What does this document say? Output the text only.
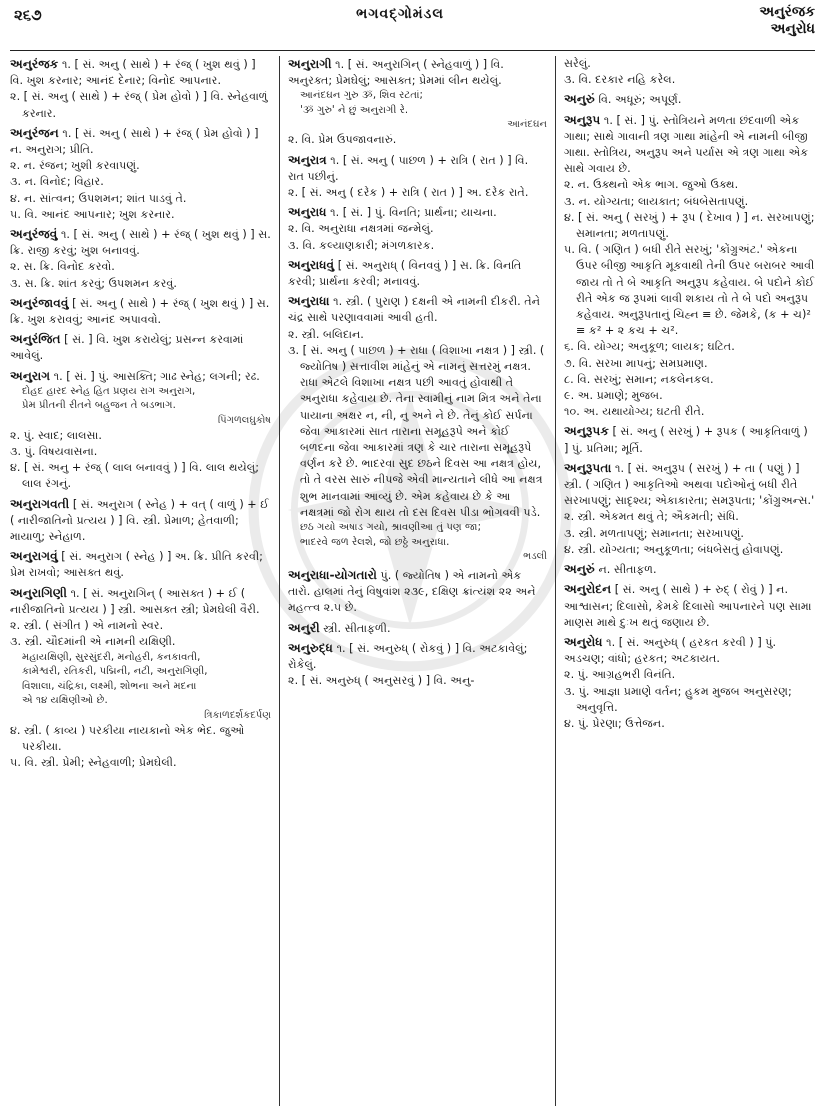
૨૬૭	ભગવદ્ગોમંડલ	અનુરંજક
અનુરોધ

અનુરંજક ૧. [ સં. અનુ ( સાથે ) + રંજ્ ( ખુશ થવું ) ] વિ. ખુશ કરનાર; આનંદ દેનાર; વિનોદ આપનાર.

૨. [ સં. અનુ ( સાથે ) + રંજ્ ( પ્રેમ હોવો ) ] વિ. સ્નેહવાળું કરનાર.

અનુરંજન ૧. [ સં. અનુ ( સાથે ) + રંજ્ ( પ્રેમ હોવો ) ] ન. અનુરાગ; પ્રીતિ.

૨. ન. રંજન; ખુશી કરવાપણું.

૩. ન. વિનોદ; વિહાર.

૪. ન. સાંત્વન; ઉપશમન; શાંત પાડવું તે.

૫. વિ. આનંદ આપનાર; ખુશ કરનાર.

અનુરંજવું ૧. [ સં. અનુ ( સાથે ) + રંજ્ ( ખુશ થવું ) ] સ. ક્રિ. રાજી કરવું; ખુશ બનાવવું.

૨. સ. ક્રિ. વિનોદ કરવો.

૩. સ. ક્રિ. શાંત કરવું; ઉપશમન કરવું.

અનુરંજાવવું [ સં. અનુ ( સાથે ) + રંજ્ ( ખુશ થવું ) ] સ. ક્રિ. ખુશ કરાવવું; આનંદ અપાવવો.

અનુરંજિત [ સં. ] વિ. ખુશ કરાયેલું; પ્રસન્ન કરવામાં આવેલું.

અનુરાગ ૧. [ સં. ] પું. આસક્તિ; ગાઢ સ્નેહ; લગની; રઢ.

દોહદ હારદ સ્નેહ હિત પ્રણય રાગ અનુરાગ,

પ્રેમ પ્રીતની રીતને બહુજન તે બડભાગ.

પિંગળલઘુકોષ

૨. પું. સ્વાદ; લાલસા.

૩. પું. વિષયવાસના.

૪. [ સં. અનુ + રંજ્ ( લાલ બનાવવું ) ] વિ. લાલ થયેલું; લાલ રંગનું.

અનુરાગવતી [ સં. અનુરાગ ( સ્નેહ ) + વત્ ( વાળું ) + ઈ ( નારીજાતિનો પ્રત્યય ) ] વિ. સ્ત્રી. પ્રેમાળ; હેતવાળી; માયાળુ; સ્નેહાળ.

અનુરાગવું [ સં. અનુરાગ ( સ્નેહ ) ] અ. ક્રિ. પ્રીતિ કરવી; પ્રેમ રાખવો; આસક્ત થવું.

અનુરાગિણી ૧. [ સં. અનુરાગિન્ ( આસક્ત ) + ઈ ( નારીજાતિનો પ્રત્યય ) ] સ્ત્રી. આસક્ત સ્ત્રી; પ્રેમઘેલી વૈરી.

૨. સ્ત્રી. ( સંગીત ) એ નામનો સ્વર.

૩. સ્ત્રી. ચૌદમાંની એ નામની યક્ષિણી.

મહાયક્ષિણી, સુરસુંદરી, મનોહરી, કનકાવતી,

કામેશ્વરી, રતિકરી, પદ્મિની, નટી, અનુરાગિણી,

વિશાલા, ચંદ્રિકા, લક્ષ્મી, શોભના અને મદના

એ ૧૪ યક્ષિણીઓ છે.

ત્રિકાળદર્શકદર્પણ

૪. સ્ત્રી. ( કાવ્ય ) પરકીયા નાયકાનો એક ભેદ. જુઓ પરકીયા.

૫. વિ. સ્ત્રી. પ્રેમી; સ્નેહવાળી; પ્રેમઘેલી.

અનુરાગી ૧. [ સં. અનુરાગિન્ ( સ્નેહવાળું ) ] વિ. અનુરક્ત; પ્રેમઘેલું; આસક્ત; પ્રેમમાં લીન થયેલું.

આનંદઘન ગુરુ ૐ, શિવ રટતાં;

'ૐ ગુરુ' ને છું અનુરાગી રે.

આનંદઘન

૨. વિ. પ્રેમ ઉપજાવનારું.

અનુરાત્ર ૧. [ સં. અનુ ( પાછળ ) + રાત્રિ ( રાત ) ] વિ. રાત પછીનું.

૨. [ સં. અનુ ( દરેક ) + રાત્રિ ( રાત ) ] અ. દરેક રાતે.

અનુરાધ ૧. [ સં. ] પું. વિનતિ; પ્રાર્થના; યાચના.

૨. વિ. અનુરાધા નક્ષત્રમાં જન્મેલું.

૩. વિ. કલ્યાણકારી; મંગળકારક.

અનુરાધવું [ સં. અનુરાધ્ ( વિનવવું ) ] સ. ક્રિ. વિનતિ કરવી; પ્રાર્થના કરવી; મનાવવું.

અનુરાધા ૧. સ્ત્રી. ( પુરાણ ) દક્ષની એ નામની દીકરી. તેને ચંદ્ર સાથે પરણાવવામાં આવી હતી.

૨. સ્ત્રી. બલિદાન.

૩. [ સં. અનુ ( પાછળ ) + રાધા ( વિશાખા નક્ષત્ર ) ] સ્ત્રી. ( જ્યોતિષ ) સત્તાવીશ માંહેનું એ નામનું સત્તરમું નક્ષત્ર. રાધા એટલે વિશાખા નક્ષત્ર પછી આવતું હોવાથી તે અનુરાધા કહેવાય છે. તેના સ્વામીનું નામ મિત્ર અને તેના પાયાના અક્ષર ન, ની, નુ અને ને છે. તેનું કોઈ સર્પના જેવા આકારમાં સાત તારાના સમૂહરૂપે અને કોઈ બળદના જેવા આકારમાં ત્રણ કે ચાર તારાના સમૂહરૂપે વર્ણન કરે છે. ભાદરવા સુદ છઠને દિવસ આ નક્ષત્ર હોય, તો તે વરસ સારું નીપજે એવી માન્યતાને લીધે આ નક્ષત્ર શુભ માનવામાં આવ્યું છે. એમ કહેવાય છે કે આ નક્ષત્રમાં જો રોગ થાય તો દસ દિવસ પીડા ભોગવવી પડે.

છઠ ગયો અષાડ ગયો, શ્રાવણીઆ તું પણ જા;

ભાદરવે જળ રેલશે, જો છઠ્ઠે અનુરાધા.

ભડલી

અનુરાધા-યોગતારો પું. ( જ્યોતિષ ) એ નામનો એક તારો. હાલમાં તેનું વિષુવાંશ ૨૩૯, દક્ષિણ ક્રાંત્યંશ ૨૨ અને મહત્ત્વ ૨.૫ છે.

અનુરી સ્ત્રી. સીતાફળી.

અનુરુદ્ધ ૧. [ સં. અનુરુધ્ ( રોકવું ) ] વિ. અટકાવેલું; રોકેલું.

૨. [ સં. અનુરુધ્ ( અનુસરવું ) ] વિ. અનુ-

સરેલું.

૩. વિ. દરકાર નહિ કરેલ.

અનુરું વિ. અધૂરું; અપૂર્ણ.

અનુરૂપ ૧. [ સં. ] પું. સ્તોત્રિયને મળતા છંદવાળી એક ગાથા; સાથે ગાવાની ત્રણ ગાથા માંહેની એ નામની બીજી ગાથા. સ્તોત્રિય, અનુરૂપ અને પર્યાસ એ ત્રણ ગાથા એક સાથે ગવાય છે.

૨. ન. ઉક્થનો એક ભાગ. જુઓ ઉક્થ.

૩. ન. યોગ્યતા; લાયકાત; બંધબેસતાપણું.

૪. [ સં. અનુ ( સરખું ) + રૂપ ( દેખાવ ) ] ન. સરખાપણું; સમાનતા; મળતાપણું.

૫. વિ. ( ગણિત ) બધી રીતે સરખું; 'કોંગ્રુઅંટ.' એકના ઉપર બીજી આકૃતિ મૂકવાથી તેની ઉપર બરાબર આવી જાય તો તે બે આકૃતિ અનુરૂપ કહેવાય. બે પદોને કોઈ રીતે એક જ રૂપમાં લાવી શકાય તો તે બે પદો અનુરૂપ કહેવાય. અનુરૂપતાનું ચિહ્ન ≡ છે. જેમકે, (ક + ચ)² ≡ ક² + ૨ કચ + ચ².

૬. વિ. યોગ્ય; અનુકૂળ; લાયક; ઘટિત.

૭. વિ. સરખા માપનું; સમપ્રમાણ.

૮. વિ. સરખું; સમાન; નકલેનકલ.

૯. અ. પ્રમાણે; મુજબ.

૧૦. અ. યથાયોગ્ય; ઘટતી રીતે.

અનુરૂપક [ સં. અનુ ( સરખું ) + રૂપક ( આકૃતિવાળું ) ] પું. પ્રતિમા; મૂર્તિ.

અનુરૂપતા ૧. [ સં. અનુરૂપ ( સરખું ) + તા ( પણું ) ] સ્ત્રી. ( ગણિત ) આકૃતિઓ અથવા પદોઓનું બધી રીતે સરખાપણું; સાદૃશ્ય; એકાકારતા; સમરૂપતા; 'કોંગ્રુઅન્સ.'

૨. સ્ત્રી. એકમત થવું તે; ઐકમતી; સંધિ.

૩. સ્ત્રી. મળતાપણું; સમાનતા; સરખાપણું.

૪. સ્ત્રી. યોગ્યતા; અનુકૂળતા; બંધબેસતું હોવાપણું.

અનુરું ન. સીતાફળ.

અનુરોદન [ સં. અનુ ( સાથે ) + રુદ્ ( રોવું ) ] ન. આશ્વાસન; દિલાસો, કેમકે દિલાસો આપનારને પણ સામા માણસ માથે દુઃખ થતું જણાય છે.

અનુરોધ ૧. [ સં. અનુરુધ્ ( હરકત કરવી ) ] પું. અડચણ; વાંધો; હરકત; અટકાયત.

૨. પું. આગ્રહભરી વિનંતિ.

૩. પું. આજ્ઞા પ્રમાણે વર્તન; હુકમ મુજબ અનુસરણ; અનુવૃત્તિ.

૪. પું. પ્રેરણા; ઉત્તેજન.
